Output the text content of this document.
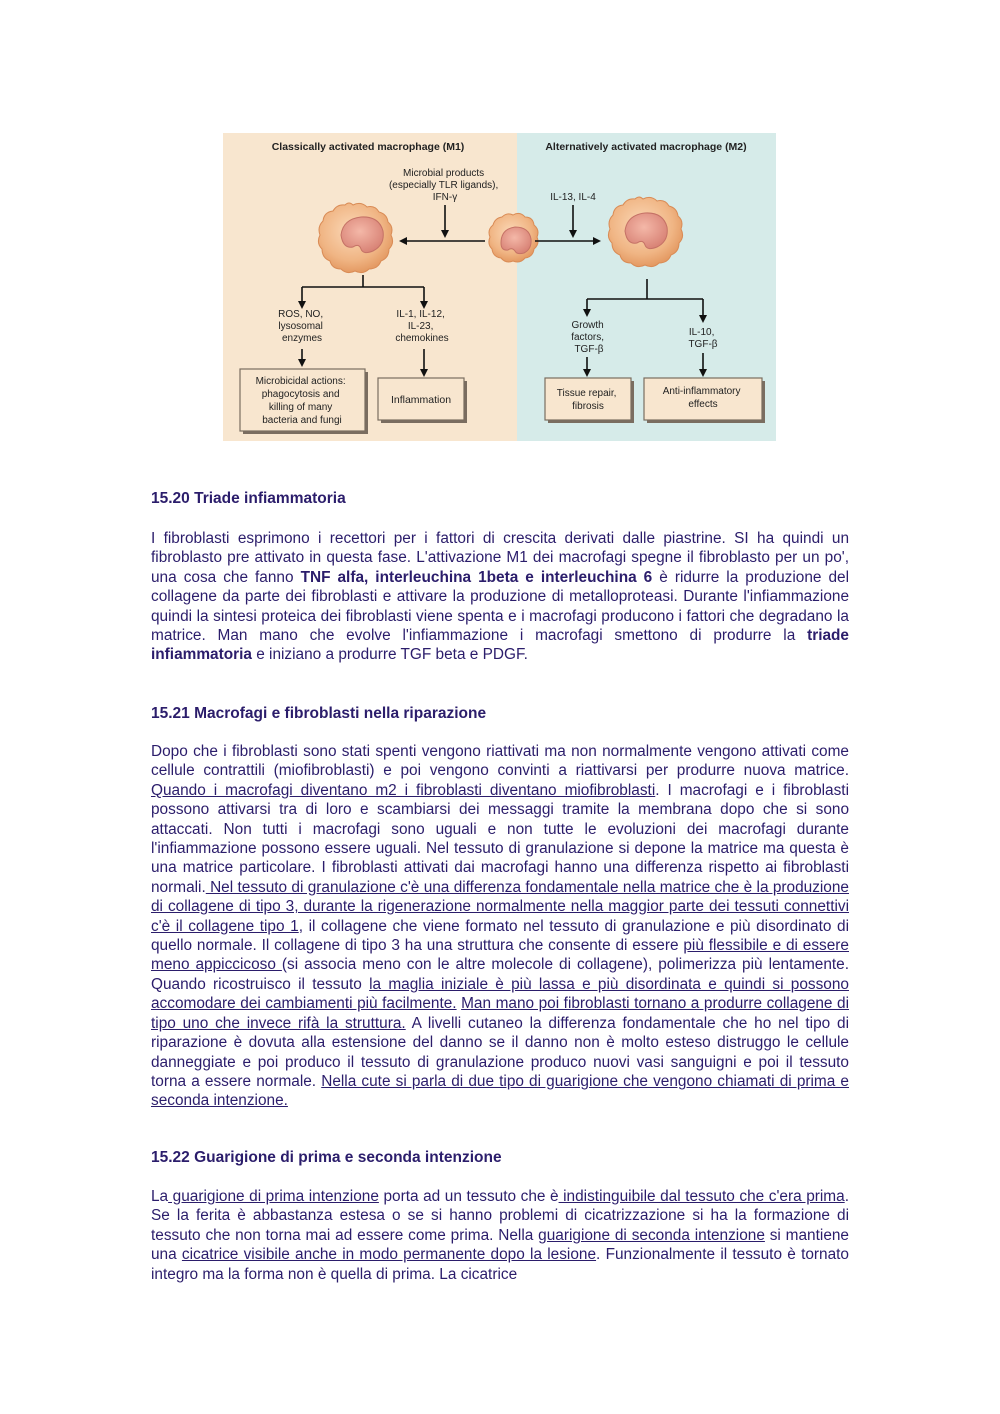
Classically activated macrophage (M1)	Alternatively activated macrophage (M2)
Microbial products (especially TLR ligands), IFN-γ	IL-13, IL-4
ROS, NO, lysosomal enzymes
IL-1, IL-12, IL-23, chemokines
Growth factors, TGF-β
IL-10, TGF-β
Microbicidal actions: phagocytosis and killing of many bacteria and fungi
Inflammation
Tissue repair, fibrosis
Anti-inflammatory effects
15.20 Triade infiammatoria

I fibroblasti esprimono i recettori per i fattori di crescita derivati dalle piastrine. SI ha quindi un fibroblasto pre attivato in questa fase. L'attivazione M1 dei macrofagi spegne il fibroblasto per un po', una cosa che fanno TNF alfa, interleuchina 1beta e interleuchina 6 è ridurre la produzione del collagene da parte dei fibroblasti e attivare la produzione di metalloproteasi. Durante l'infiammazione quindi la sintesi proteica dei fibroblasti viene spenta e i macrofagi producono i fattori che degradano la matrice. Man mano che evolve l'infiammazione i macrofagi smettono di produrre la triade infiammatoria e iniziano a produrre TGF beta e PDGF.

15.21 Macrofagi e fibroblasti nella riparazione

Dopo che i fibroblasti sono stati spenti vengono riattivati ma non normalmente vengono attivati come cellule contrattili (miofibroblasti) e poi vengono convinti a riattivarsi per produrre nuova matrice. Quando i macrofagi diventano m2 i fibroblasti diventano miofibroblasti. I macrofagi e i fibroblasti possono attivarsi tra di loro e scambiarsi dei messaggi tramite la membrana dopo che si sono attaccati. Non tutti i macrofagi sono uguali e non tutte le evoluzioni dei macrofagi durante l'infiammazione possono essere uguali. Nel tessuto di granulazione si depone la matrice ma questa è una matrice particolare. I fibroblasti attivati dai macrofagi hanno una differenza rispetto ai fibroblasti normali. Nel tessuto di granulazione c'è una differenza fondamentale nella matrice che è la produzione di collagene di tipo 3, durante la rigenerazione normalmente nella maggior parte dei tessuti connettivi c'è il collagene tipo 1, il collagene che viene formato nel tessuto di granulazione e più disordinato di quello normale. Il collagene di tipo 3 ha una struttura che consente di essere più flessibile e di essere meno appiccicoso (si associa meno con le altre molecole di collagene), polimerizza più lentamente. Quando ricostruisco il tessuto la maglia iniziale è più lassa e più disordinata e quindi si possono accomodare dei cambiamenti più facilmente. Man mano poi fibroblasti tornano a produrre collagene di tipo uno che invece rifà la struttura. A livelli cutaneo la differenza fondamentale che ho nel tipo di riparazione è dovuta alla estensione del danno se il danno non è molto esteso distruggo le cellule danneggiate e poi produco il tessuto di granulazione produco nuovi vasi sanguigni e poi il tessuto torna a essere normale. Nella cute si parla di due tipo di guarigione che vengono chiamati di prima e seconda intenzione.

15.22 Guarigione di prima e seconda intenzione

La guarigione di prima intenzione porta ad un tessuto che è indistinguibile dal tessuto che c'era prima. Se la ferita è abbastanza estesa o se si hanno problemi di cicatrizzazione si ha la formazione di tessuto che non torna mai ad essere come prima. Nella guarigione di seconda intenzione si mantiene una cicatrice visibile anche in modo permanente dopo la lesione. Funzionalmente il tessuto è tornato integro ma la forma non è quella di prima. La cicatrice
